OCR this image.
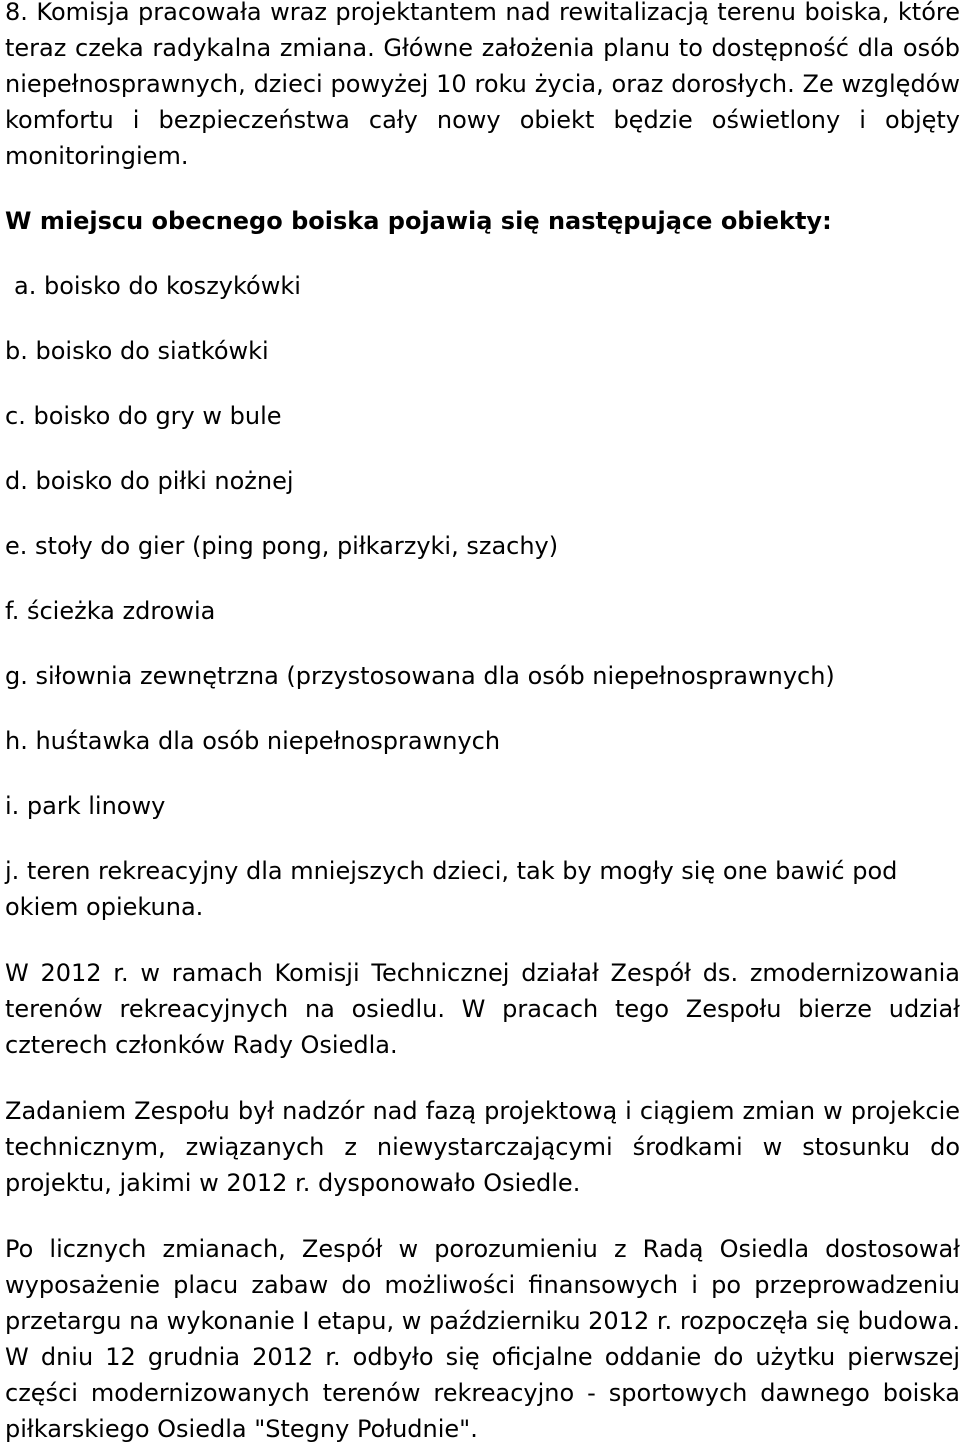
8. Komisja pracowała wraz projektantem nad rewitalizacją terenu boiska, które teraz czeka radykalna zmiana. Główne założenia planu to dostępność dla osób niepełnosprawnych, dzieci powyżej 10 roku życia, oraz dorosłych. Ze względów komfortu i bezpieczeństwa cały nowy obiekt będzie oświetlony i objęty monitoringiem.

W miejscu obecnego boiska pojawią się następujące obiekty:

a. boisko do koszykówki

b. boisko do siatkówki

c. boisko do gry w bule

d. boisko do piłki nożnej

e. stoły do gier (ping pong, piłkarzyki, szachy)

f. ścieżka zdrowia

g. siłownia zewnętrzna (przystosowana dla osób niepełnosprawnych)

h. huśtawka dla osób niepełnosprawnych

i. park linowy

j. teren rekreacyjny dla mniejszych dzieci, tak by mogły się one bawić pod okiem opiekuna.

W 2012 r. w ramach Komisji Technicznej działał Zespół ds. zmodernizowania terenów rekreacyjnych na osiedlu. W pracach tego Zespołu bierze udział czterech członków Rady Osiedla.

Zadaniem Zespołu był nadzór nad fazą projektową i ciągiem zmian w projekcie technicznym, związanych z niewystarczającymi środkami w stosunku do projektu, jakimi w 2012 r. dysponowało Osiedle.

Po licznych zmianach, Zespół w porozumieniu z Radą Osiedla dostosował wyposażenie placu zabaw do możliwości finansowych i po przeprowadzeniu przetargu na wykonanie I etapu, w październiku 2012 r. rozpoczęła się budowa. W dniu 12 grudnia 2012 r. odbyło się oficjalne oddanie do użytku pierwszej części modernizowanych terenów rekreacyjno - sportowych dawnego boiska piłkarskiego Osiedla "Stegny Południe".
